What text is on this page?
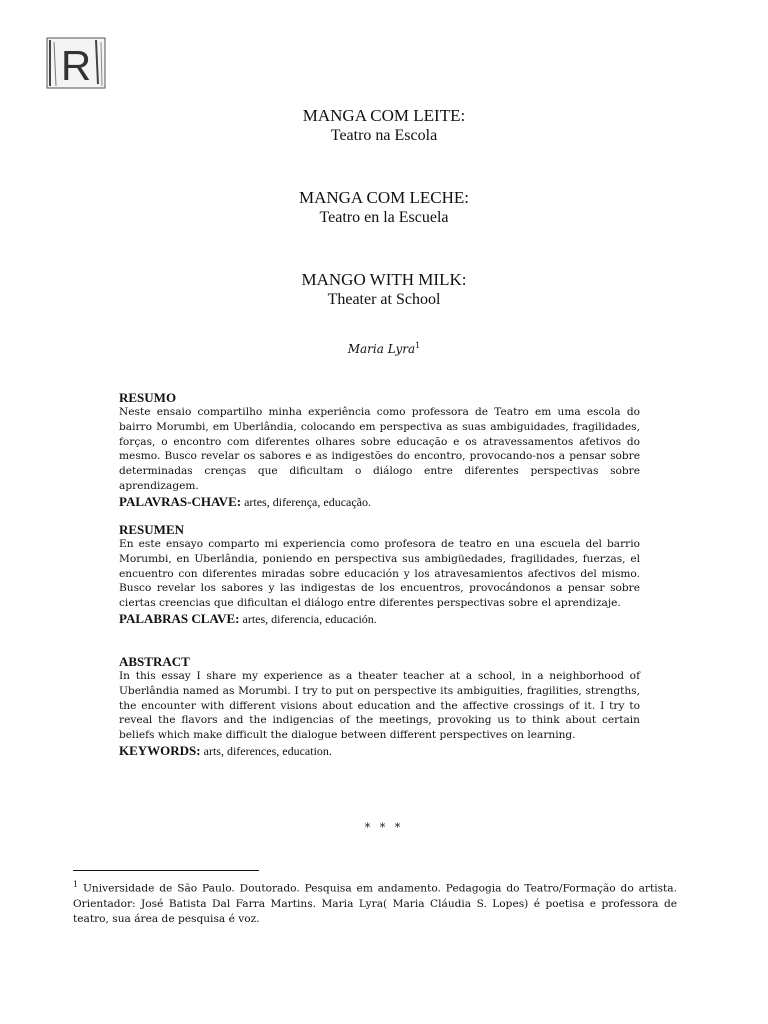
R
MANGA COM LEITE:
Teatro na Escola
MANGA COM LECHE:
Teatro en la Escuela
MANGO WITH MILK:
Theater at School
Maria Lyra$^1$
RESUMO
Neste ensaio compartilho minha experiência como professora de Teatro em uma escola do bairro Morumbi, em Uberlândia, colocando em perspectiva as suas ambiguidades, fragilidades, forças, o encontro com diferentes olhares sobre educação e os atravessamentos afetivos do mesmo. Busco revelar os sabores e as indigestões do encontro, provocando-nos a pensar sobre determinadas crenças que dificultam o diálogo entre diferentes perspectivas sobre aprendizagem.
PALAVRAS-CHAVE: artes, diferença, educação.
RESUMEN
En este ensayo comparto mi experiencia como profesora de teatro en una escuela del barrio Morumbi, en Uberlândia, poniendo en perspectiva sus ambigüedades, fragilidades, fuerzas, el encuentro con diferentes miradas sobre educación y los atravesamientos afectivos del mismo. Busco revelar los sabores y las indigestas de los encuentros, provocándonos a pensar sobre ciertas creencias que dificultan el diálogo entre diferentes perspectivas sobre el aprendizaje.
PALABRAS CLAVE: artes, diferencia, educación.
ABSTRACT
In this essay I share my experience as a theater teacher at a school, in a neighborhood of Uberlândia named as Morumbi. I try to put on perspective its ambiguities, fragilities, strengths, the encounter with different visions about education and the affective crossings of it. I try to reveal the flavors and the indigencias of the meetings, provoking us to think about certain beliefs which make difficult the dialogue between different perspectives on learning.
KEYWORDS: arts, diferences, education.
* * *
$^1$ Universidade de São Paulo. Doutorado. Pesquisa em andamento. Pedagogia do Teatro/Formação do artista. Orientador: José Batista Dal Farra Martins. Maria Lyra( Maria Cláudia S. Lopes) é poetisa e professora de teatro, sua área de pesquisa é voz.
